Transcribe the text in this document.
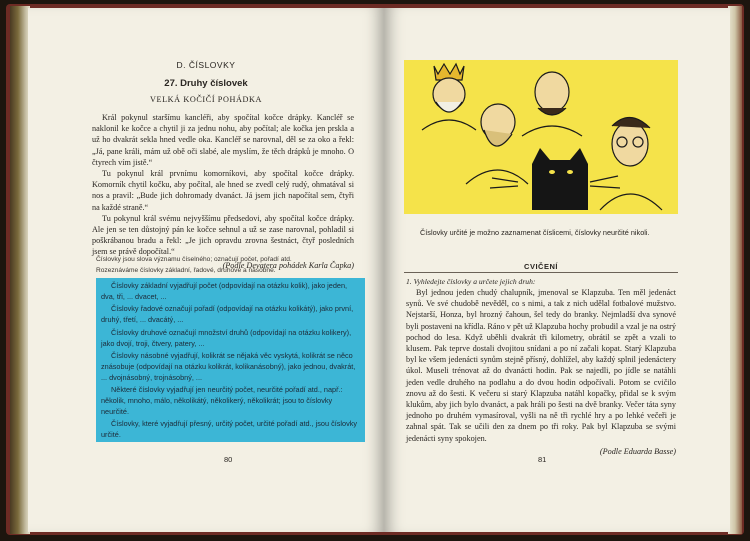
D. ČÍSLOVKY
27. Druhy číslovek
VELKÁ KOČIČÍ POHÁDKA

Král pokynul staršímu kancléři, aby spočítal kočce drápky. Kancléř se naklonil ke kočce a chytil ji za jednu nohu, aby počítal; ale kočka jen prskla a už ho dvakrát sekla hned vedle oka. Kancléř se narovnal, děl se za oko a řekl: „Já, pane králi, mám už obě oči slabé, ale myslím, že těch drápků je mnoho. O čtyrech vím jistě.“

Tu pokynul král prvnímu komorníkovi, aby spočítal kočce drápky. Komorník chytil kočku, aby počítal, ale hned se zvedl celý rudý, ohmatával si nos a pravil: „Bude jich dohromady dvanáct. Já jsem jich napočítal sem, čtyři na každé straně.“

Tu pokynul král svému nejvyššímu předsedovi, aby spočítal kočce drápky. Ale jen se ten důstojný pán ke kočce sehnul a už se zase narovnal, pohladil si poškrábanou bradu a řekl: „Je jich opravdu zrovna šestnáct, čtyř posledních jsem se právě dopočítal.“

(Podle Devatera pohádek Karla Čapka)

Číslovky jsou slova významu číselného; označují počet, pořadí atd.
Rozeznáváme číslovky základní, řadové, druhové a násobné.

Číslovky základní vyjadřují počet (odpovídají na otázku kolik), jako jeden, dva, tři, ... dvacet, ...

Číslovky řadové označují pořadí (odpovídají na otázku kolikátý), jako první, druhý, třetí, ... dvacátý, ...

Číslovky druhové označují množství druhů (odpovídají na otázku kolikery), jako dvojí, troji, čtvery, patery, ...

Číslovky násobné vyjadřují, kolikrát se nějaká věc vyskytá, kolikrát se něco znásobuje (odpovídají na otázku kolikrát, kolikanásobný), jako jednou, dvakrát, ... dvojnásobný, trojnásobný, ...

Některé číslovky vyjadřují jen neurčitý počet, neurčité pořadí atd., např.: několik, mnoho, málo, několikátý, několikerý, několikrát; jsou to číslovky neurčité.

Číslovky, které vyjadřují přesný, určitý počet, určité pořadí atd., jsou číslovky určité.

80
Číslovky určité je možno zaznamenat číslicemi, číslovky neurčité nikoli.
CVIČENÍ

1. Vyhledejte číslovky a určete jejich druh:

Byl jednou jeden chudý chalupník, jmenoval se Klapzuba. Ten měl jedenáct synů. Ve své chudobě nevěděl, co s nimi, a tak z nich udělal fotbalové mužstvo. Nejstarší, Honza, byl hrozný čahoun, šel tedy do branky. Nejmladší dva synové byli postaveni na křídla. Ráno v pět už Klapzuba hochy probudil a vzal je na ostrý pochod do lesa. Když uběhli dvakrát tři kilometry, obrátil se zpět a vzali to klusem. Pak teprve dostali dvojitou snídani a po ní začali kopat. Starý Klapzuba byl ke všem jedenácti synům stejně přísný, dohlížel, aby každý splnil jedenáctery úkol. Museli trénovat až do dvanácti hodin. Pak se najedli, po jídle se natáhli jeden vedle druhého na podlahu a do dvou hodin odpočívali. Potom se cvičilo znovu až do šesti. K večeru si starý Klapzuba natáhl kopačky, přidal se k svým klukům, aby jich bylo dvanáct, a pak hráli po šesti na dvě branky. Večer táta syny jednoho po druhém vymasíroval, vyšli na ně tři rychlé hry a po lehké večeři je zahnal spát. Tak se učili den za dnem po tři roky. Pak byl Klapzuba se svými jedenácti syny spokojen.

(Podle Eduarda Basse)

81
